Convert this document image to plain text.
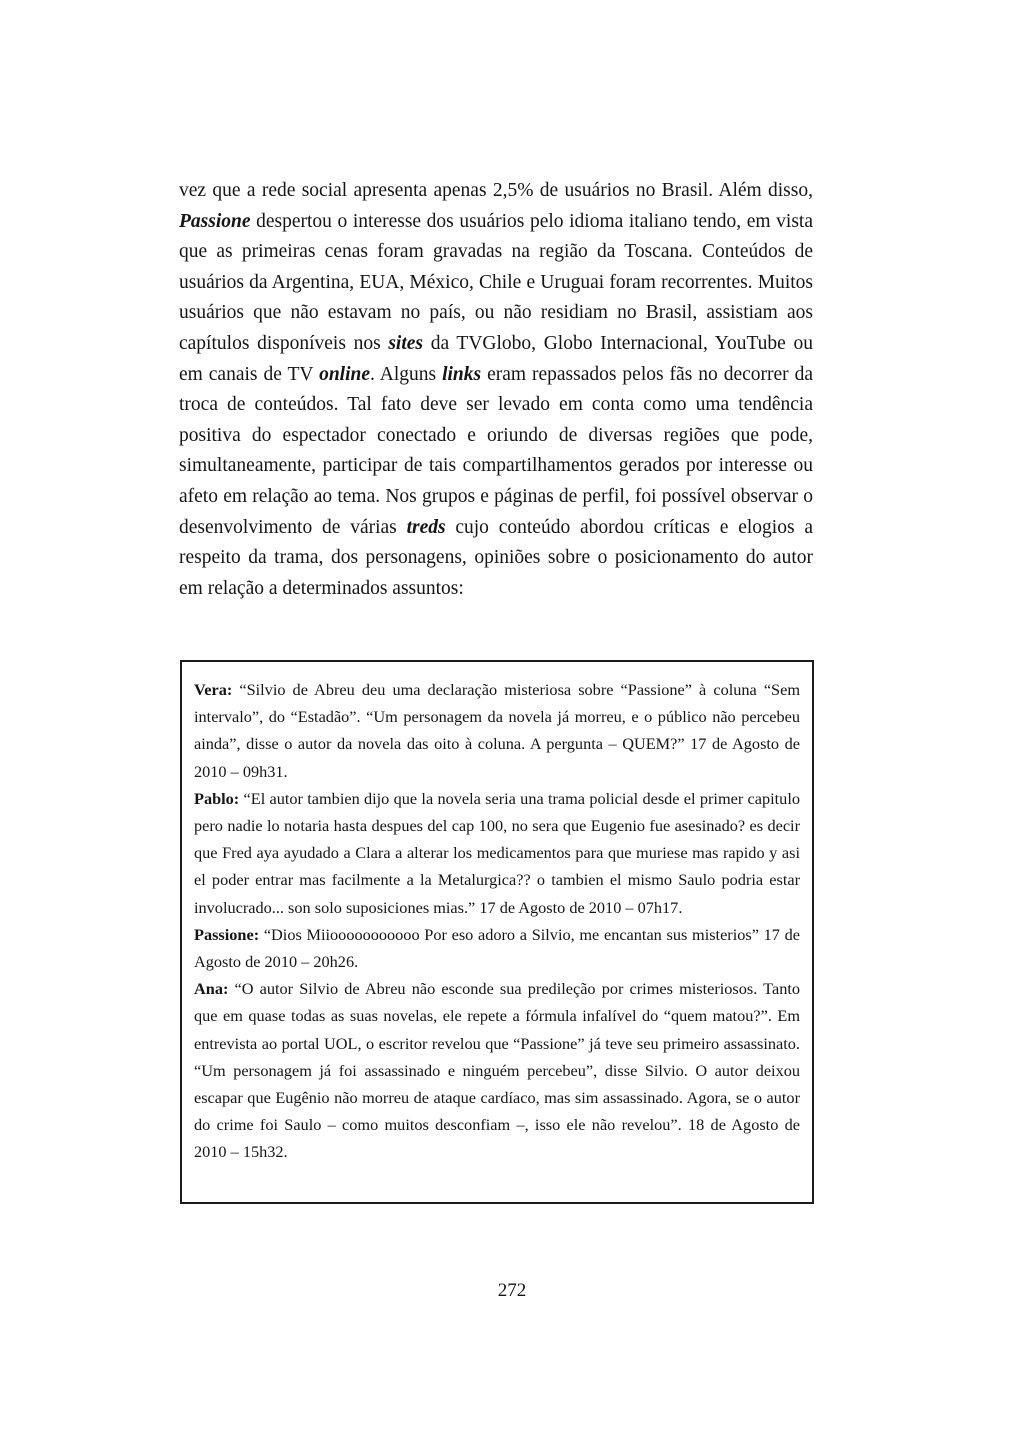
vez que a rede social apresenta apenas 2,5% de usuários no Brasil. Além disso, Passione despertou o interesse dos usuários pelo idioma italiano tendo, em vista que as primeiras cenas foram gravadas na região da Toscana. Conteúdos de usuários da Argentina, EUA, México, Chile e Uruguai foram recorrentes. Muitos usuários que não estavam no país, ou não residiam no Brasil, assistiam aos capítulos disponíveis nos sites da TVGlobo, Globo Internacional, YouTube ou em canais de TV online. Alguns links eram repassados pelos fãs no decorrer da troca de conteúdos. Tal fato deve ser levado em conta como uma tendência positiva do espectador conectado e oriundo de diversas regiões que pode, simultaneamente, participar de tais compartilhamentos gerados por interesse ou afeto em relação ao tema. Nos grupos e páginas de perfil, foi possível observar o desenvolvimento de várias treds cujo conteúdo abordou críticas e elogios a respeito da trama, dos personagens, opiniões sobre o posicionamento do autor em relação a determinados assuntos:

Vera: “Silvio de Abreu deu uma declaração misteriosa sobre “Passione” à coluna “Sem intervalo”, do “Estadão”. “Um personagem da novela já morreu, e o público não percebeu ainda”, disse o autor da novela das oito à coluna. A pergunta – QUEM?” 17 de Agosto de 2010 – 09h31.

Pablo: “El autor tambien dijo que la novela seria una trama policial desde el primer capitulo pero nadie lo notaria hasta despues del cap 100, no sera que Eugenio fue asesinado? es decir que Fred aya ayudado a Clara a alterar los medicamentos para que muriese mas rapido y asi el poder entrar mas facilmente a la Metalurgica?? o tambien el mismo Saulo podria estar involucrado... son solo suposiciones mias.” 17 de Agosto de 2010 – 07h17.

Passione: “Dios Miiooooooooooo Por eso adoro a Silvio, me encantan sus misterios” 17 de Agosto de 2010 – 20h26.

Ana: “O autor Silvio de Abreu não esconde sua predileção por crimes misteriosos. Tanto que em quase todas as suas novelas, ele repete a fórmula infalível do “quem matou?”. Em entrevista ao portal UOL, o escritor revelou que “Passione” já teve seu primeiro assassinato. “Um personagem já foi assassinado e ninguém percebeu”, disse Silvio. O autor deixou escapar que Eugênio não morreu de ataque cardíaco, mas sim assassinado. Agora, se o autor do crime foi Saulo – como muitos desconfiam –, isso ele não revelou”. 18 de Agosto de 2010 – 15h32.

272
